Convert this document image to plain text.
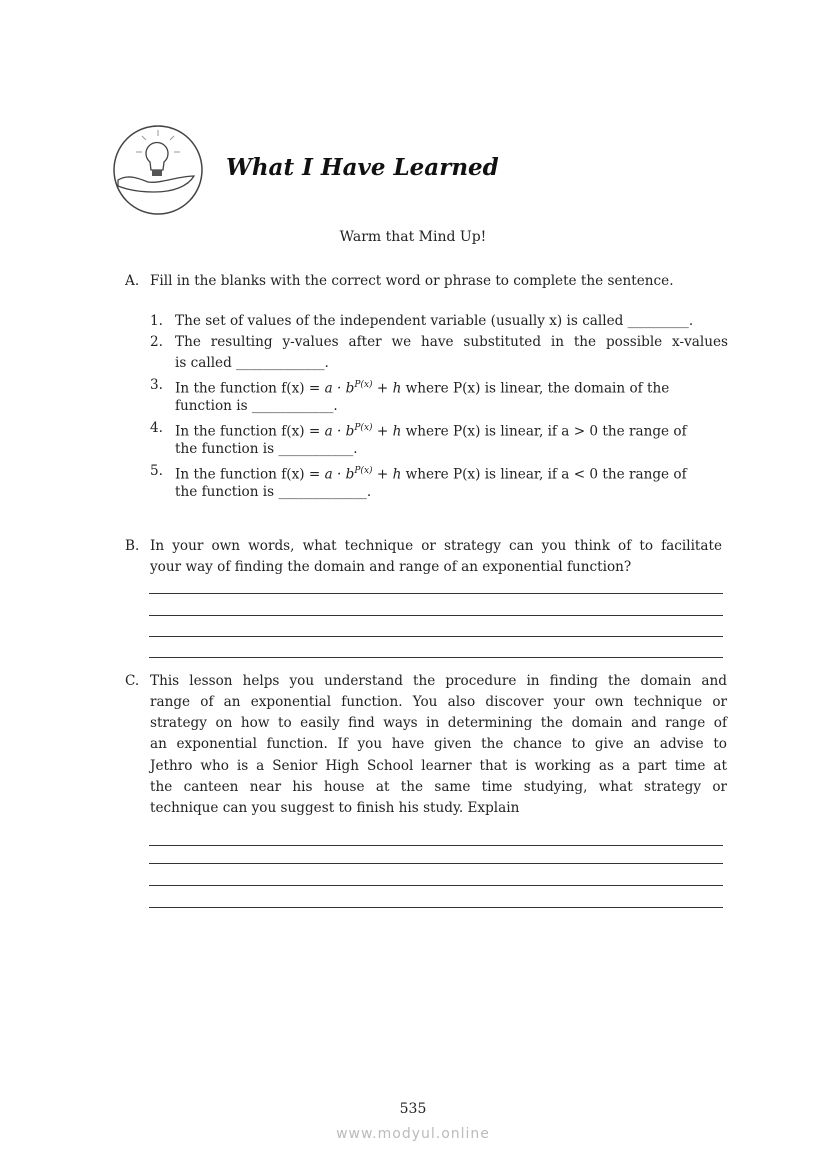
What I Have Learned
Warm that Mind Up!
A. Fill in the blanks with the correct word or phrase to complete the sentence.
1. The set of values of the independent variable (usually x) is called _________.
2. The resulting y-values after we have substituted in the possible x-values
is called _____________.
3. In the function $f(x) = a \cdot b^{P(x)} + h$ where P(x) is linear, the domain of the
function is ____________.
4. In the function $f(x) = a \cdot b^{P(x)} + h$ where P(x) is linear, if a > 0 the range of
the function is ___________.
5. In the function $f(x) = a \cdot b^{P(x)} + h$ where P(x) is linear, if a < 0 the range of
the function is _____________.
B. In your own words, what technique or strategy can you think of to facilitate
your way of finding the domain and range of an exponential function?
C. This lesson helps you understand the procedure in finding the domain and
range of an exponential function. You also discover your own technique or
strategy on how to easily find ways in determining the domain and range of
an exponential function. If you have given the chance to give an advise to
Jethro who is a Senior High School learner that is working as a part time at
the canteen near his house at the same time studying, what strategy or
technique can you suggest to finish his study. Explain
535
www.modyul.online
